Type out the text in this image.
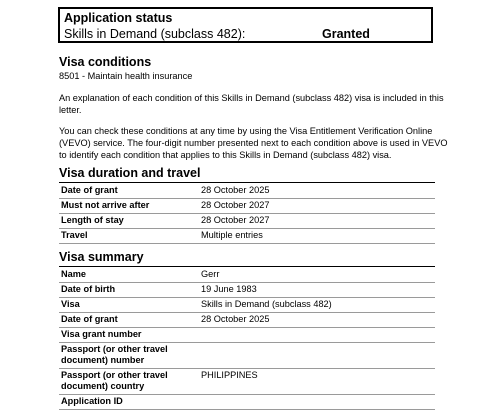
Application status
Skills in Demand (subclass 482):	Granted
Visa conditions
8501 - Maintain health insurance
An explanation of each condition of this Skills in Demand (subclass 482) visa is included in this letter.
You can check these conditions at any time by using the Visa Entitlement Verification Online (VEVO) service. The four-digit number presented next to each condition above is used in VEVO to identify each condition that applies to this Skills in Demand (subclass 482) visa.
Visa duration and travel
Date of grant	28 October 2025
Must not arrive after	28 October 2027
Length of stay	28 October 2027
Travel	Multiple entries
Visa summary
Name	Gerr
Date of birth	19 June 1983
Visa	Skills in Demand (subclass 482)
Date of grant	28 October 2025
Visa grant number	
Passport (or other travel document) number	
Passport (or other travel document) country	PHILIPPINES
Application ID	
